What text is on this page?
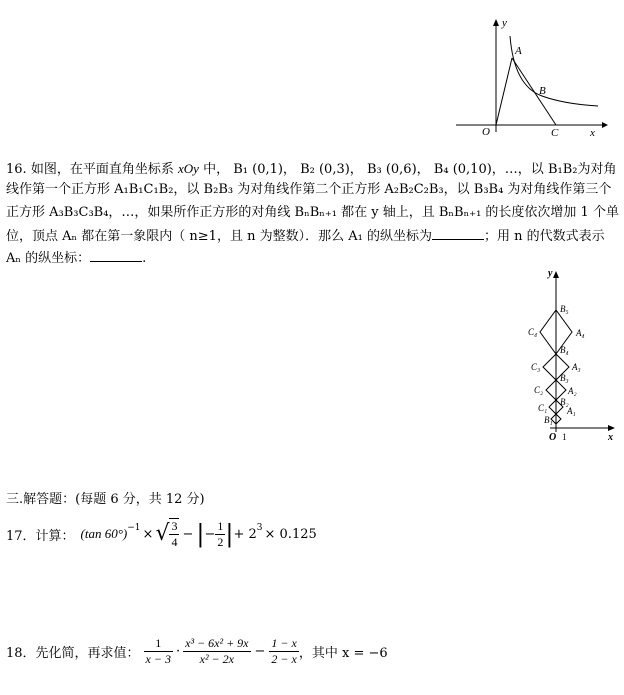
y
x
O
A
B
C
16. 如图，在平面直角坐标系 xOy 中， B₁ (0,1)， B₂ (0,3)， B₃ (0,6)， B₄ (0,10)，…，以 B₁B₂为对角
线作第一个正方形 A₁B₁C₁B₂，以 B₂B₃ 为对角线作第二个正方形 A₂B₂C₂B₃，以 B₃B₄ 为对角线作第三个
正方形 A₃B₃C₃B₄，…，如果所作正方形的对角线 BₙBₙ₊₁ 都在 y 轴上，且 BₙBₙ₊₁ 的长度依次增加 1 个单
位，顶点 Aₙ 都在第一象限内（ n≥1，且 n 为整数）．那么 A₁ 的纵坐标为	；用 n 的代数式表示
Aₙ 的纵坐标：	.
y
x
O 1
B₅
B₄
B₃
B₂
B₁
A₄
A₃
A₂
A₁
C₄
C₃
C₂
C₁
三.解答题：(每题 6 分，共 12 分)
17．计算： (tan 60°)$^{-1}$ × √ $\frac{3}{4}$ − | − $\frac{1}{2}$ | + $2^3 \times 0.125$
18．先化简，再求值： $\frac{1}{x - 3} \cdot \frac{\text{x³ − 6x² + 9x}}{\text{x² − 2x}} - \frac{1 - x}{2 - x}$ ，其中 x = −6
